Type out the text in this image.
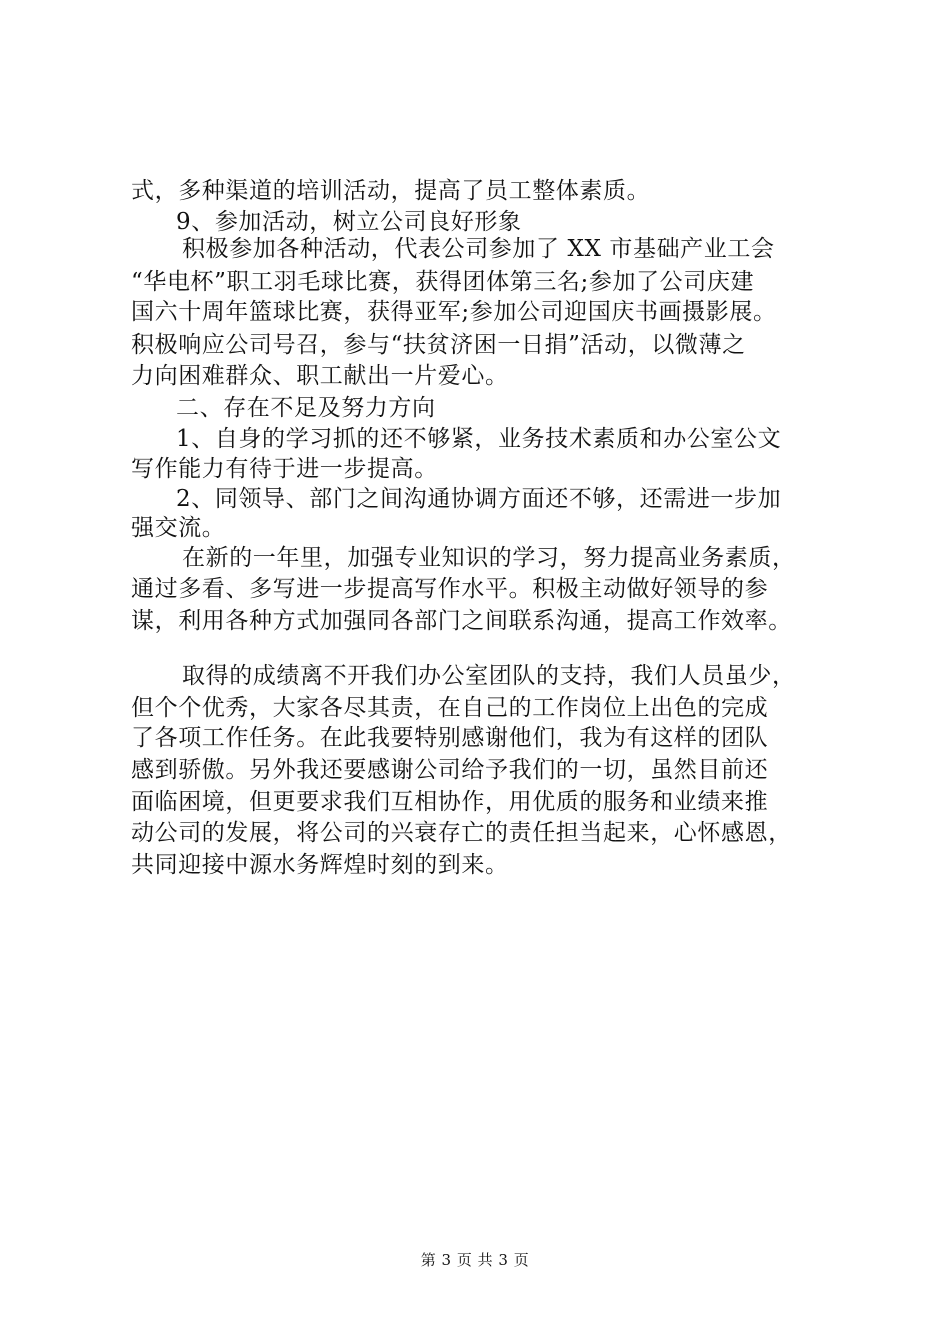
式，多种渠道的培训活动，提高了员工整体素质。
9、参加活动，树立公司良好形象
积极参加各种活动，代表公司参加了 XX 市基础产业工会
“华电杯”职工羽毛球比赛，获得团体第三名;参加了公司庆建
国六十周年篮球比赛，获得亚军;参加公司迎国庆书画摄影展。
积极响应公司号召，参与“扶贫济困一日捐”活动，以微薄之
力向困难群众、职工献出一片爱心。
二、存在不足及努力方向
1、自身的学习抓的还不够紧，业务技术素质和办公室公文
写作能力有待于进一步提高。
2、同领导、部门之间沟通协调方面还不够，还需进一步加
强交流。
在新的一年里，加强专业知识的学习，努力提高业务素质，
通过多看、多写进一步提高写作水平。积极主动做好领导的参
谋，利用各种方式加强同各部门之间联系沟通，提高工作效率。
取得的成绩离不开我们办公室团队的支持，我们人员虽少，
但个个优秀，大家各尽其责，在自己的工作岗位上出色的完成
了各项工作任务。在此我要特别感谢他们，我为有这样的团队
感到骄傲。另外我还要感谢公司给予我们的一切，虽然目前还
面临困境，但更要求我们互相协作，用优质的服务和业绩来推
动公司的发展，将公司的兴衰存亡的责任担当起来，心怀感恩，
共同迎接中源水务辉煌时刻的到来。
第 3 页 共 3 页
